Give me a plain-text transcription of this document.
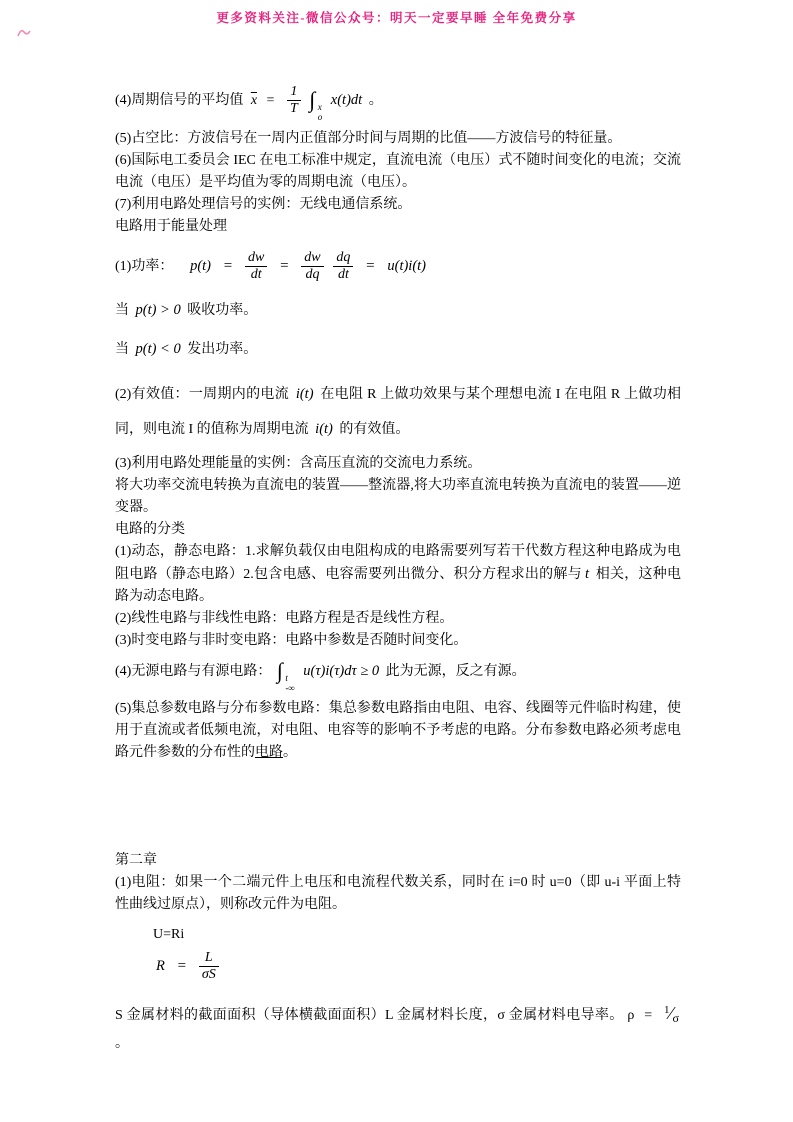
更多资料关注-微信公众号：明天一定要早睡 全年免费分享

(4)周期信号的平均值 $\overline{x} = \frac{1}{T}$ ∫ x
o
x(t)dt 。

(5)占空比：方波信号在一周内正值部分时间与周期的比值——方波信号的特征量。

(6)国际电工委员会 IEC 在电工标准中规定，直流电流（电压）式不随时间变化的电流；交流电流（电压）是平均值为零的周期电流（电压）。

(7)利用电路处理信号的实例：无线电通信系统。

电路用于能量处理

(1)功率： $p(t) = \frac{dw}{dt} = \frac{dw}{dq}$
$\frac{dq}{dt} = u(t)i(t)$

当 p(t) > 0 吸收功率。

当 p(t) < 0 发出功率。

(2)有效值：一周期内的电流 i(t) 在电阻 R 上做功效果与某个理想电流 I 在电阻 R 上做功相同，则电流 I 的值称为周期电流 i(t) 的有效值。

(3)利用电路处理能量的实例：含高压直流的交流电力系统。

将大功率交流电转换为直流电的装置——整流器,将大功率直流电转换为直流电的装置——逆变器。

电路的分类

(1)动态，静态电路：1.求解负载仅由电阻构成的电路需要列写若干代数方程这种电路成为电阻电路（静态电路）2.包含电感、电容需要列出微分、积分方程求出的解与 t 相关，这种电路为动态电路。

(2)线性电路与非线性电路：电路方程是否是线性方程。

(3)时变电路与非时变电路：电路中参数是否随时间变化。

(4)无源电路与有源电路： ∫ t
-∞
u(τ)i(τ)dτ ≥ 0 此为无源，反之有源。

(5)集总参数电路与分布参数电路：集总参数电路指由电阻、电容、线圈等元件临时构建，使用于直流或者低频电流，对电阻、电容等的影响不予考虑的电路。分布参数电路必须考虑电路元件参数的分布性的电路。

第二章

(1)电阻：如果一个二端元件上电压和电流程代数关系，同时在 i=0 时 u=0（即 u-i 平面上特性曲线过原点），则称改元件为电阻。

U=Ri

$R = \frac{L}{\sigma S}$

S 金属材料的截面面积（导体横截面面积）L 金属材料长度，σ 金属材料电导率。 ρ = $^1$⁄σ 。
